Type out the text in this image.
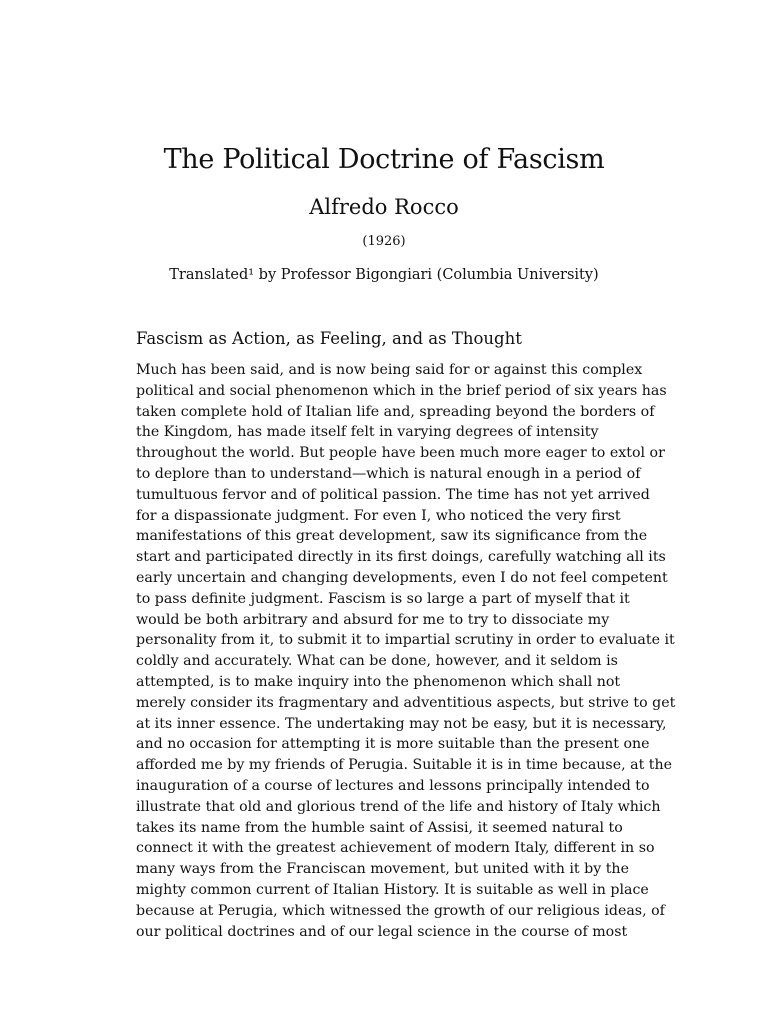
The Political Doctrine of Fascism
Alfredo Rocco
(1926)
Translated¹ by Professor Bigongiari (Columbia University)
Fascism as Action, as Feeling, and as Thought
Much has been said, and is now being said for or against this complex
political and social phenomenon which in the brief period of six years has
taken complete hold of Italian life and, spreading beyond the borders of
the Kingdom, has made itself felt in varying degrees of intensity
throughout the world. But people have been much more eager to extol or
to deplore than to understand—which is natural enough in a period of
tumultuous fervor and of political passion. The time has not yet arrived
for a dispassionate judgment. For even I, who noticed the very first
manifestations of this great development, saw its significance from the
start and participated directly in its first doings, carefully watching all its
early uncertain and changing developments, even I do not feel competent
to pass definite judgment. Fascism is so large a part of myself that it
would be both arbitrary and absurd for me to try to dissociate my
personality from it, to submit it to impartial scrutiny in order to evaluate it
coldly and accurately. What can be done, however, and it seldom is
attempted, is to make inquiry into the phenomenon which shall not
merely consider its fragmentary and adventitious aspects, but strive to get
at its inner essence. The undertaking may not be easy, but it is necessary,
and no occasion for attempting it is more suitable than the present one
afforded me by my friends of Perugia. Suitable it is in time because, at the
inauguration of a course of lectures and lessons principally intended to
illustrate that old and glorious trend of the life and history of Italy which
takes its name from the humble saint of Assisi, it seemed natural to
connect it with the greatest achievement of modern Italy, different in so
many ways from the Franciscan movement, but united with it by the
mighty common current of Italian History. It is suitable as well in place
because at Perugia, which witnessed the growth of our religious ideas, of
our political doctrines and of our legal science in the course of most
